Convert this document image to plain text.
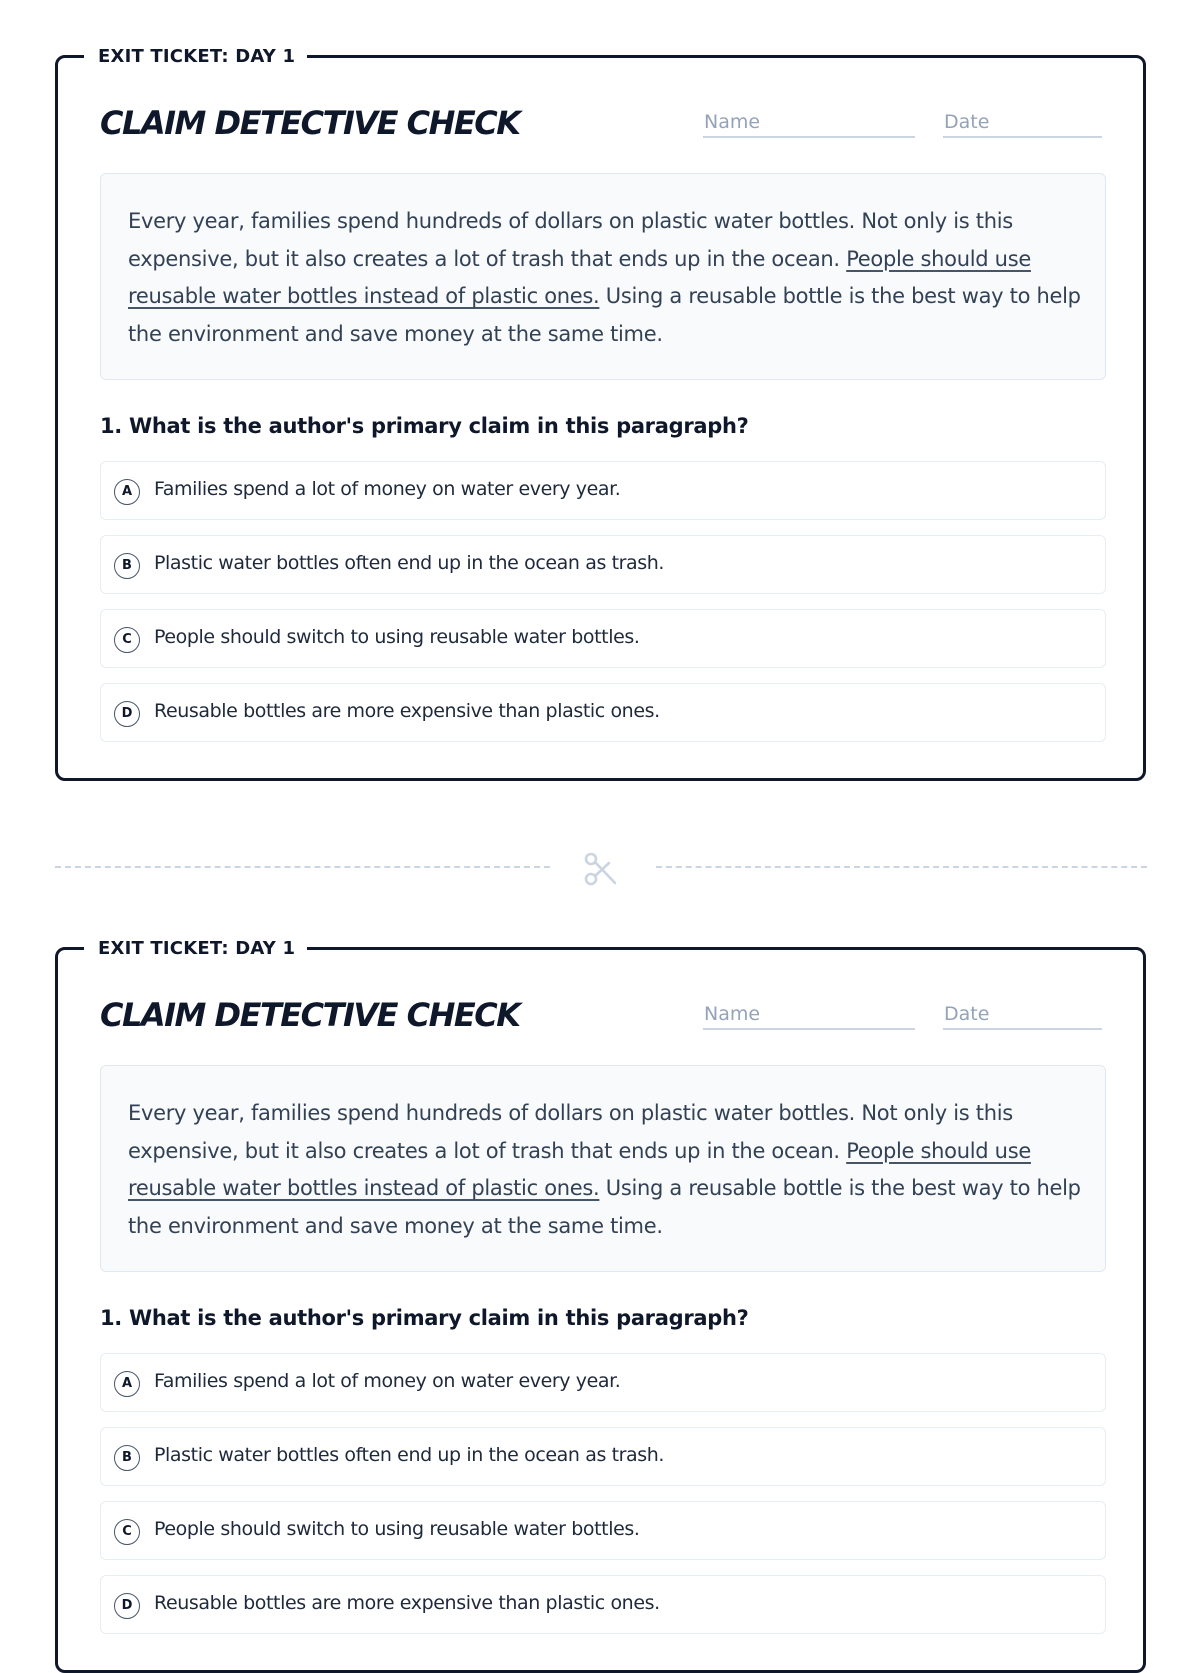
EXIT TICKET: DAY 1
CLAIM DETECTIVE CHECK	Name	Date
Every year, families spend hundreds of dollars on plastic water bottles. Not only is this expensive, but it also creates a lot of trash that ends up in the ocean. People should use reusable water bottles instead of plastic ones. Using a reusable bottle is the best way to help the environment and save money at the same time.
1. What is the author's primary claim in this paragraph?
A	Families spend a lot of money on water every year.
B	Plastic water bottles often end up in the ocean as trash.
C	People should switch to using reusable water bottles.
D	Reusable bottles are more expensive than plastic ones.
EXIT TICKET: DAY 1
CLAIM DETECTIVE CHECK	Name	Date
Every year, families spend hundreds of dollars on plastic water bottles. Not only is this expensive, but it also creates a lot of trash that ends up in the ocean. People should use reusable water bottles instead of plastic ones. Using a reusable bottle is the best way to help the environment and save money at the same time.
1. What is the author's primary claim in this paragraph?
A	Families spend a lot of money on water every year.
B	Plastic water bottles often end up in the ocean as trash.
C	People should switch to using reusable water bottles.
D	Reusable bottles are more expensive than plastic ones.
